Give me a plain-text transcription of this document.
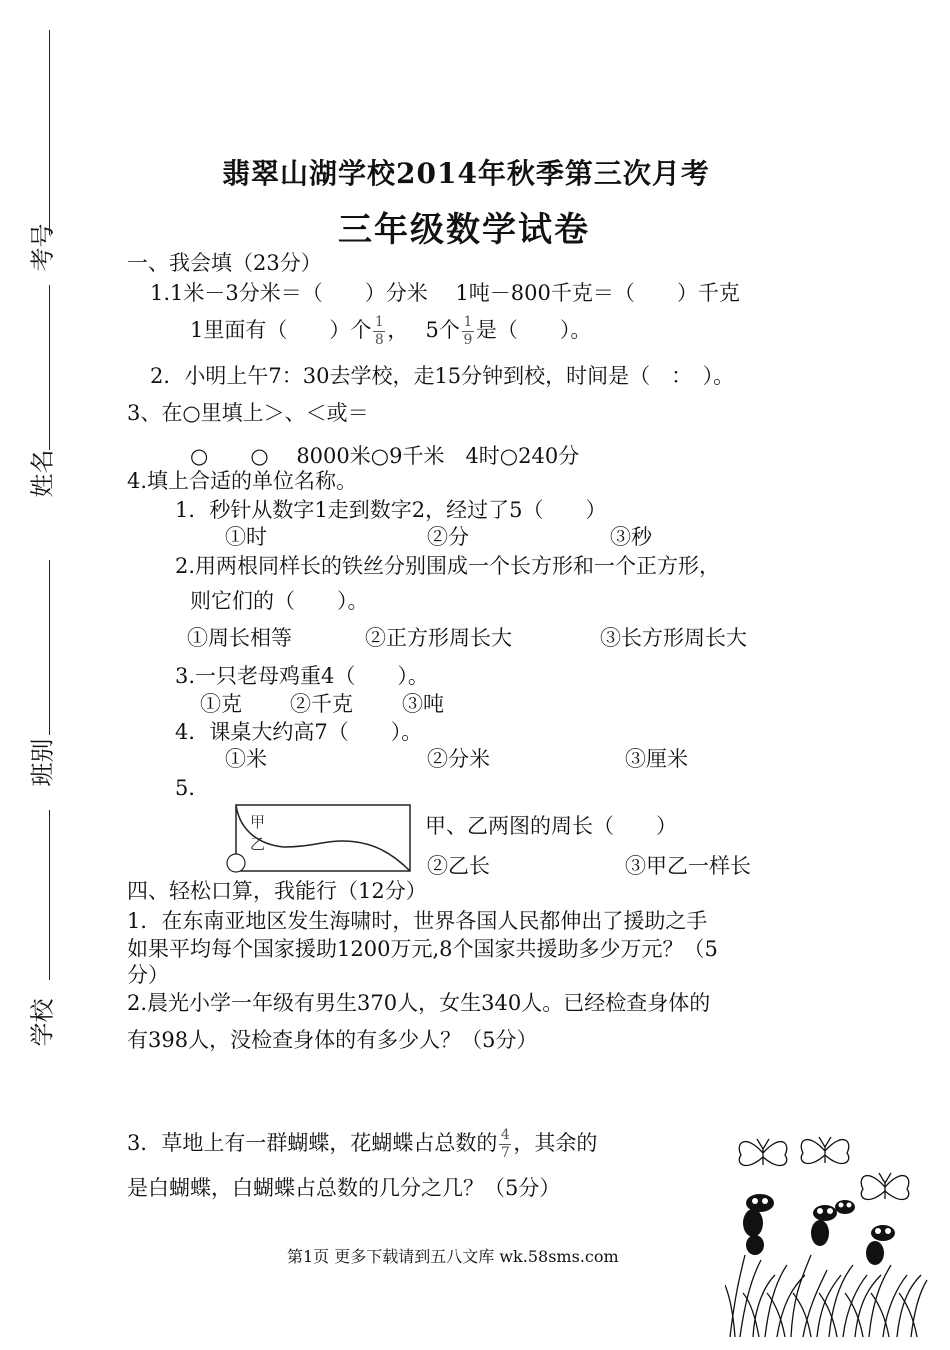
考号
姓名
班别
学校
翡翠山湖学校2014年秋季第三次月考
三年级数学试卷
一、我会填（23分）
1.1米－3分米＝（　　）分米　 1吨－800千克＝（　　）千克
1里面有（　　）个 $\frac{1}{8}$ ，　 5个 $\frac{1}{9}$ 是（　　）。
2．小明上午7：30去学校，走15分钟到校，时间是（　：　）。
3、在○里填上＞、＜或＝
○　　○　 8000米○9千米　4时○240分
4.填上合适的单位名称。
1．秒针从数字1走到数字2，经过了5（　　）
①时	②分	③秒
2.用两根同样长的铁丝分别围成一个长方形和一个正方形，
则它们的（　　）。
①周长相等	②正方形周长大	③长方形周长大
3.一只老母鸡重4（　　）。
①克 ②千克 ③吨
4．课桌大约高7（　　）。
①米	②分米	③厘米
5．
甲
乙
甲、乙两图的周长（　　）
②乙长	③甲乙一样长
四、轻松口算，我能行（12分）
1．在东南亚地区发生海啸时，世界各国人民都伸出了援助之手
如果平均每个国家援助1200万元,8个国家共援助多少万元？（5
分）
2.晨光小学一年级有男生370人，女生340人。已经检查身体的
有398人，没检查身体的有多少人？（5分）
3．草地上有一群蝴蝶，花蝴蝶占总数的 $\frac{4}{7}$ ，其余的
是白蝴蝶，白蝴蝶占总数的几分之几？（5分）
第1页 更多下载请到五八文库 wk.58sms.com
